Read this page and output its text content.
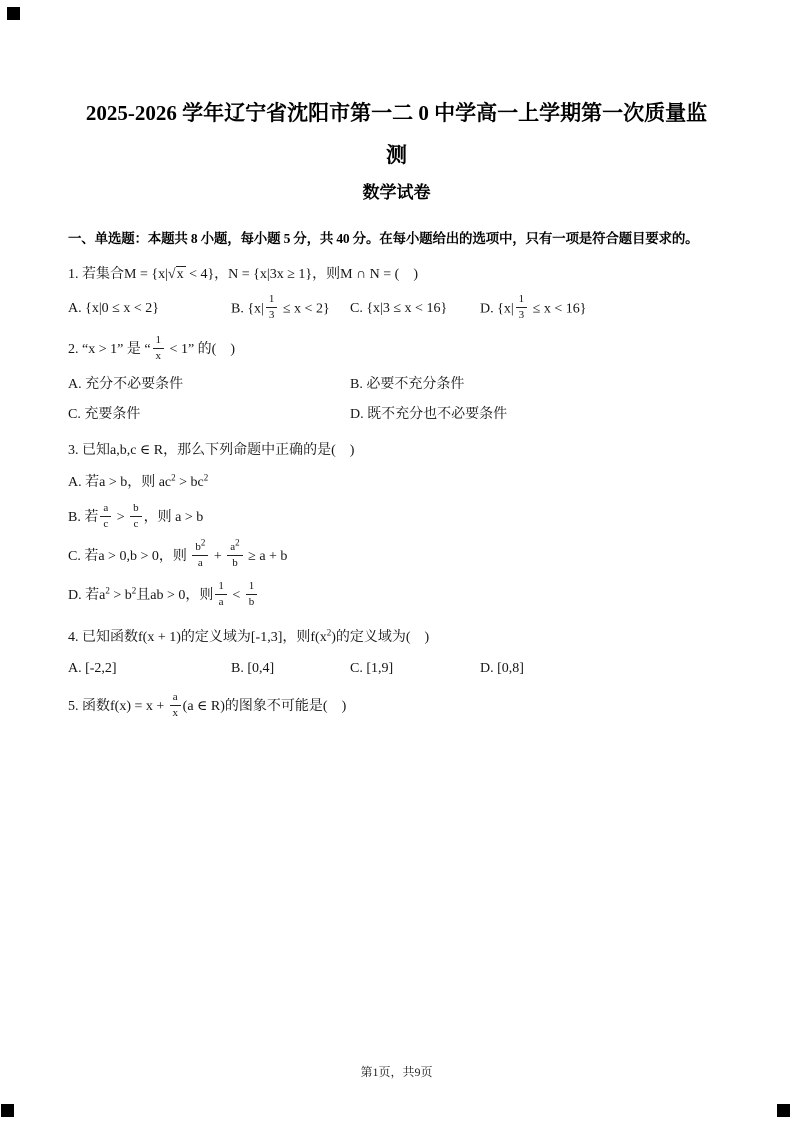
2025-2026 学年辽宁省沈阳市第一二 0 中学高一上学期第一次质量监
测
数学试卷

一、单选题：本题共 8 小题，每小题 5 分，共 40 分。在每小题给出的选项中，只有一项是符合题目要求的。

1. 若集合M = {x|√x < 4}，N = {x|3x ≥ 1}，则M ∩ N = (    )

A. {x|0 ≤ x < 2}	B. $\{x| \frac{1}{3} \le x < 2\}$	C. {x|3 ≤ x < 16}	D. $\{x| \frac{1}{3} \le x < 16\}$

2. “x > 1” 是 “ $\frac{1}{x} < 1$” 的(    )

A. 充分不必要条件	B. 必要不充分条件
C. 充要条件	D. 既不充分也不必要条件

3. 已知a,b,c ∈ R，那么下列命题中正确的是(    )

A. 若a > b，则 $ac^2 > bc^2$

B. 若 $\frac{a}{c} > \frac{b}{c}$ ，则 a > b

C. 若a > 0,b > 0，则 $\frac{b^2}{a} + \frac{a^2}{b} \ge a + b$

D. 若$a^2 > b^2$且ab > 0，则 $\frac{1}{a} < \frac{1}{b}$

4. 已知函数f(x + 1)的定义域为[-1,3]，则$f(x^2)$的定义域为(    )

A. [-2,2]	B. [0,4]	C. [1,9]	D. [0,8]

5. 函数$f(x) = x + \frac{a}{x} (a$ ∈ R)的图象不可能是(    )

第1页，共9页
